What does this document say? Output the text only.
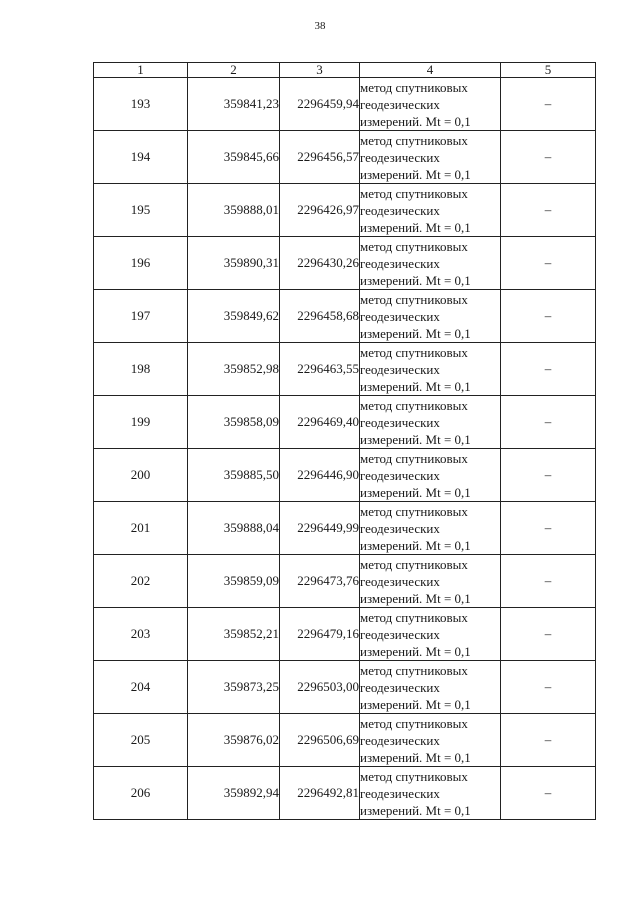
38
1	2	3	4	5
193	359841,23	2296459,94	метод спутниковых
геодезических
измерений. Mt = 0,1	–
194	359845,66	2296456,57	метод спутниковых
геодезических
измерений. Mt = 0,1	–
195	359888,01	2296426,97	метод спутниковых
геодезических
измерений. Mt = 0,1	–
196	359890,31	2296430,26	метод спутниковых
геодезических
измерений. Mt = 0,1	–
197	359849,62	2296458,68	метод спутниковых
геодезических
измерений. Mt = 0,1	–
198	359852,98	2296463,55	метод спутниковых
геодезических
измерений. Mt = 0,1	–
199	359858,09	2296469,40	метод спутниковых
геодезических
измерений. Mt = 0,1	–
200	359885,50	2296446,90	метод спутниковых
геодезических
измерений. Mt = 0,1	–
201	359888,04	2296449,99	метод спутниковых
геодезических
измерений. Mt = 0,1	–
202	359859,09	2296473,76	метод спутниковых
геодезических
измерений. Mt = 0,1	–
203	359852,21	2296479,16	метод спутниковых
геодезических
измерений. Mt = 0,1	–
204	359873,25	2296503,00	метод спутниковых
геодезических
измерений. Mt = 0,1	–
205	359876,02	2296506,69	метод спутниковых
геодезических
измерений. Mt = 0,1	–
206	359892,94	2296492,81	метод спутниковых
геодезических
измерений. Mt = 0,1	–
